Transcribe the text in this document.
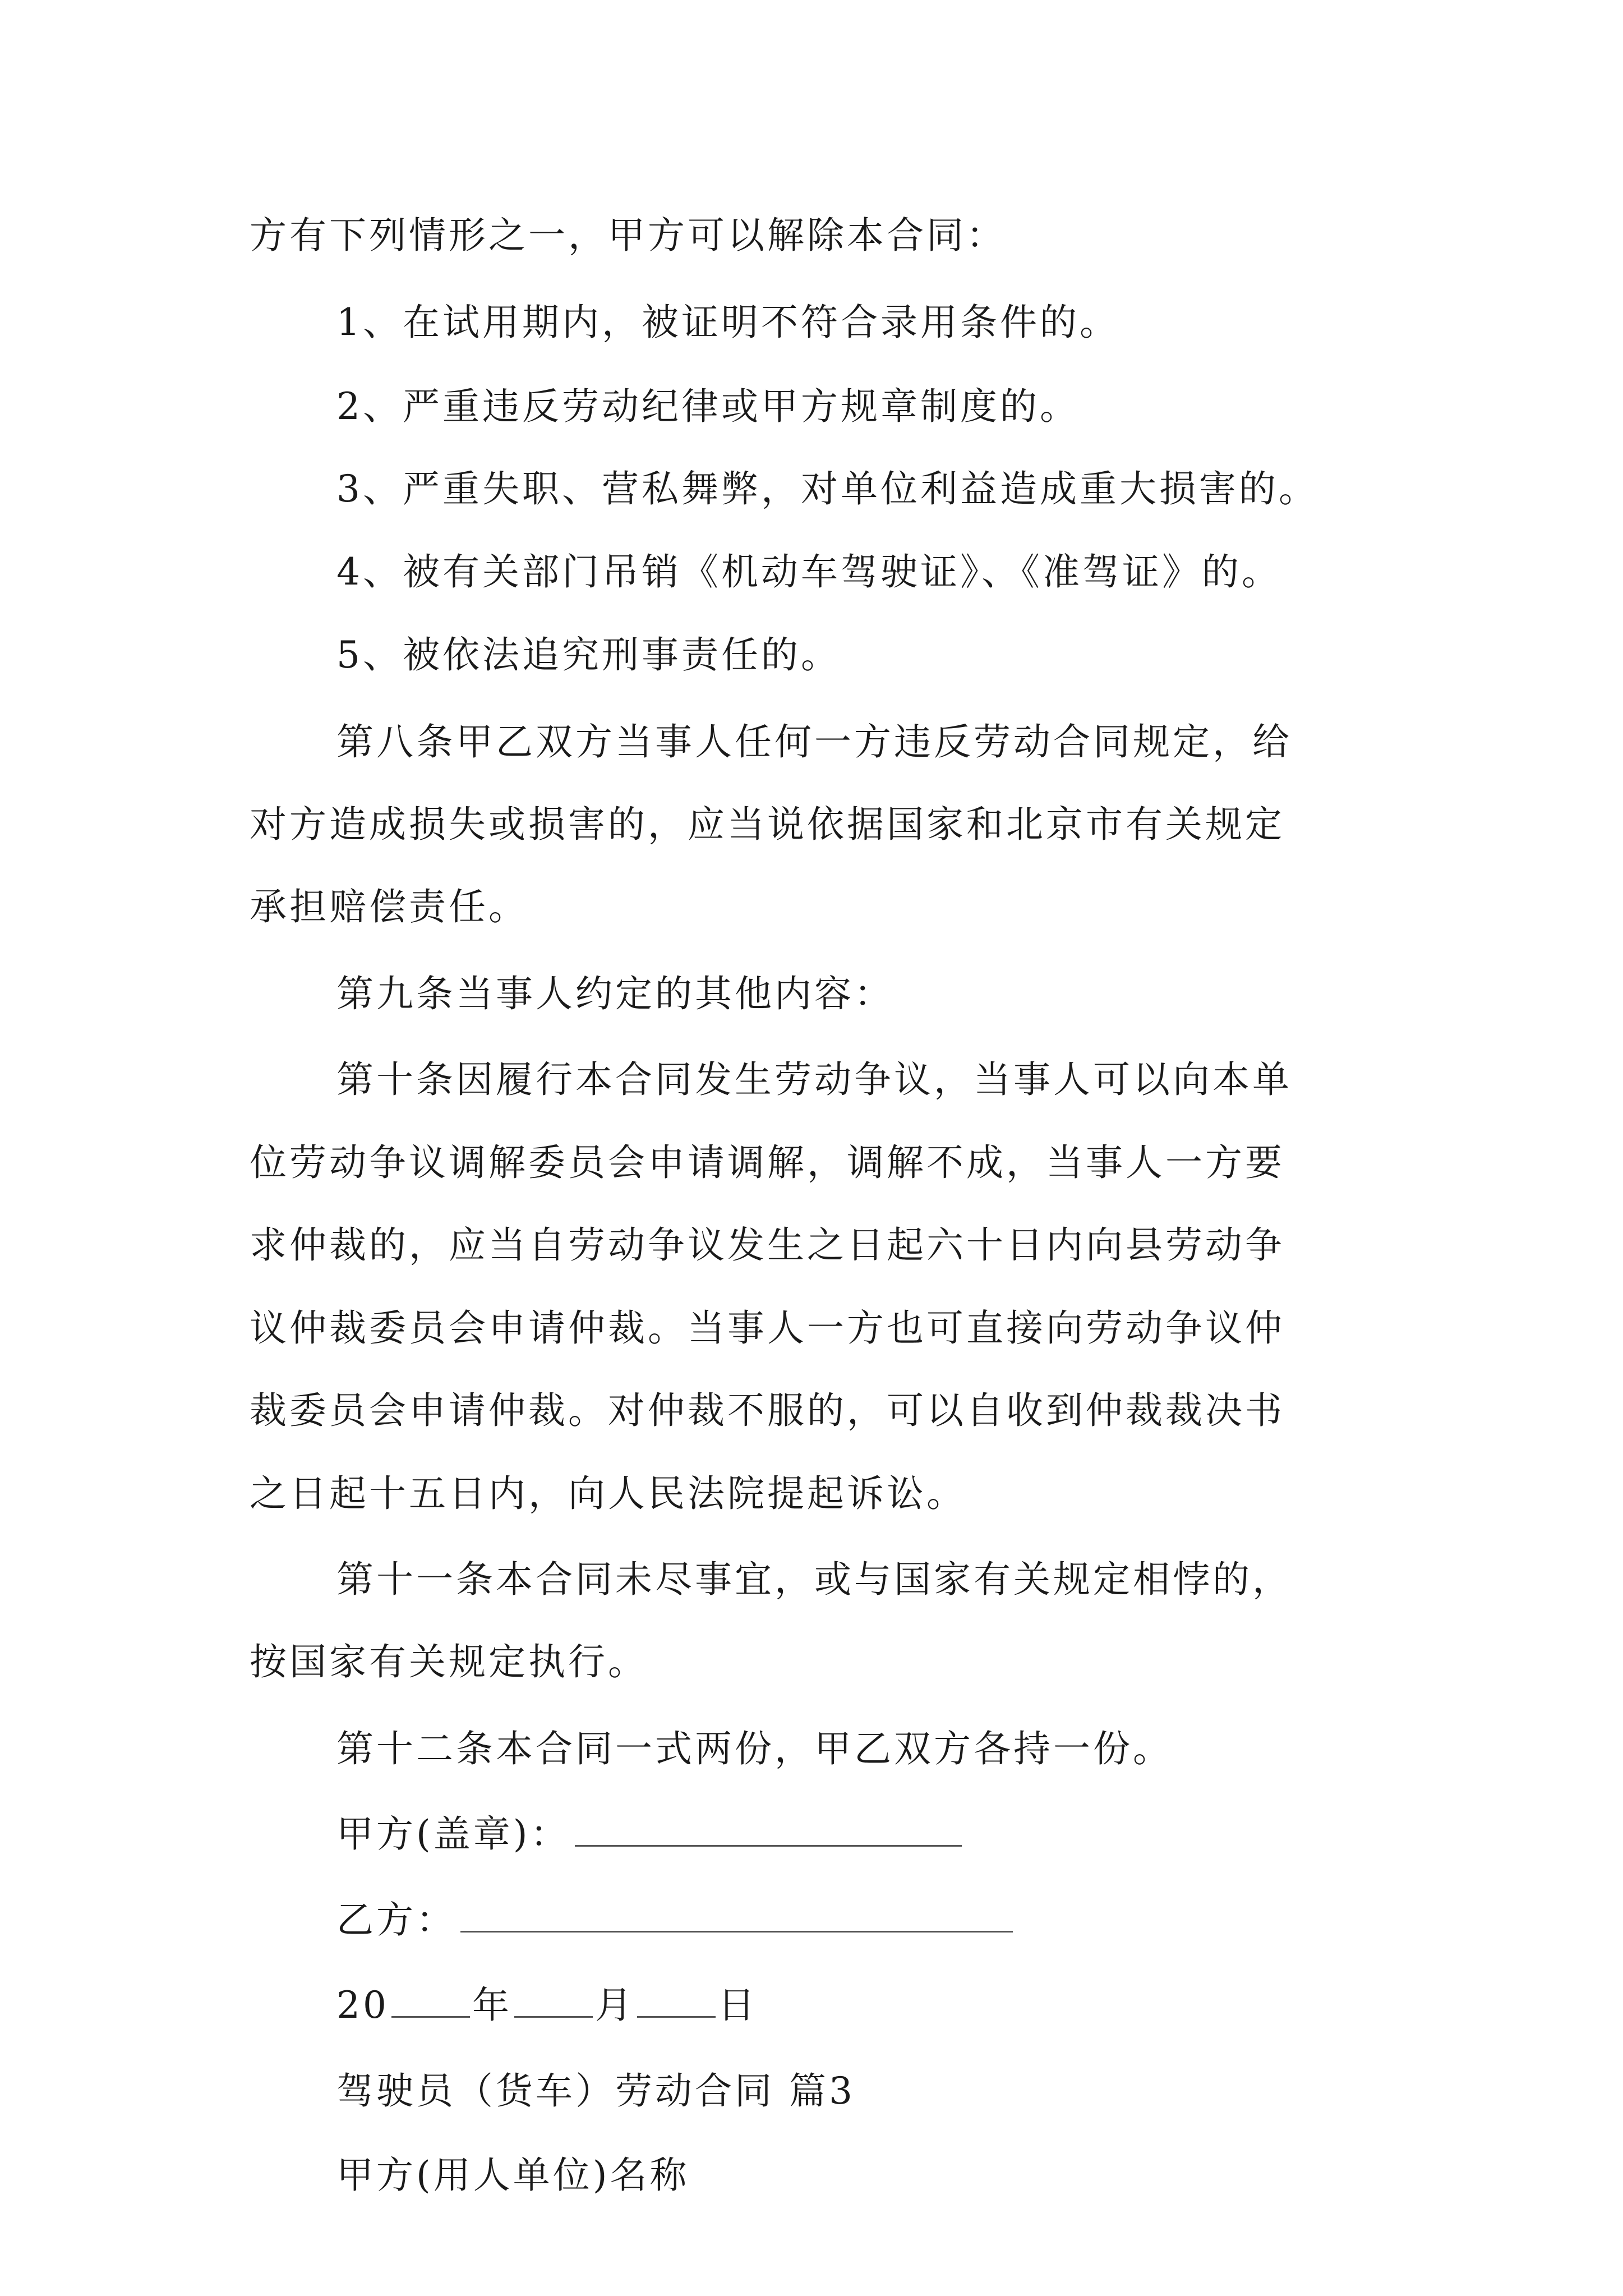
方有下列情形之一，甲方可以解除本合同：
1、在试用期内，被证明不符合录用条件的。
2、严重违反劳动纪律或甲方规章制度的。
3、严重失职、营私舞弊，对单位利益造成重大损害的。
4、被有关部门吊销《机动车驾驶证》、《准驾证》的。
5、被依法追究刑事责任的。
第八条甲乙双方当事人任何一方违反劳动合同规定，给
对方造成损失或损害的，应当说依据国家和北京市有关规定
承担赔偿责任。
第九条当事人约定的其他内容：
第十条因履行本合同发生劳动争议，当事人可以向本单
位劳动争议调解委员会申请调解，调解不成，当事人一方要
求仲裁的，应当自劳动争议发生之日起六十日内向县劳动争
议仲裁委员会申请仲裁。当事人一方也可直接向劳动争议仲
裁委员会申请仲裁。对仲裁不服的，可以自收到仲裁裁决书
之日起十五日内，向人民法院提起诉讼。
第十一条本合同未尽事宜，或与国家有关规定相悖的，
按国家有关规定执行。
第十二条本合同一式两份，甲乙双方各持一份。
甲方(盖章)：
乙方：
20 年 月 日
驾驶员（货车）劳动合同 篇3
甲方(用人单位)名称
